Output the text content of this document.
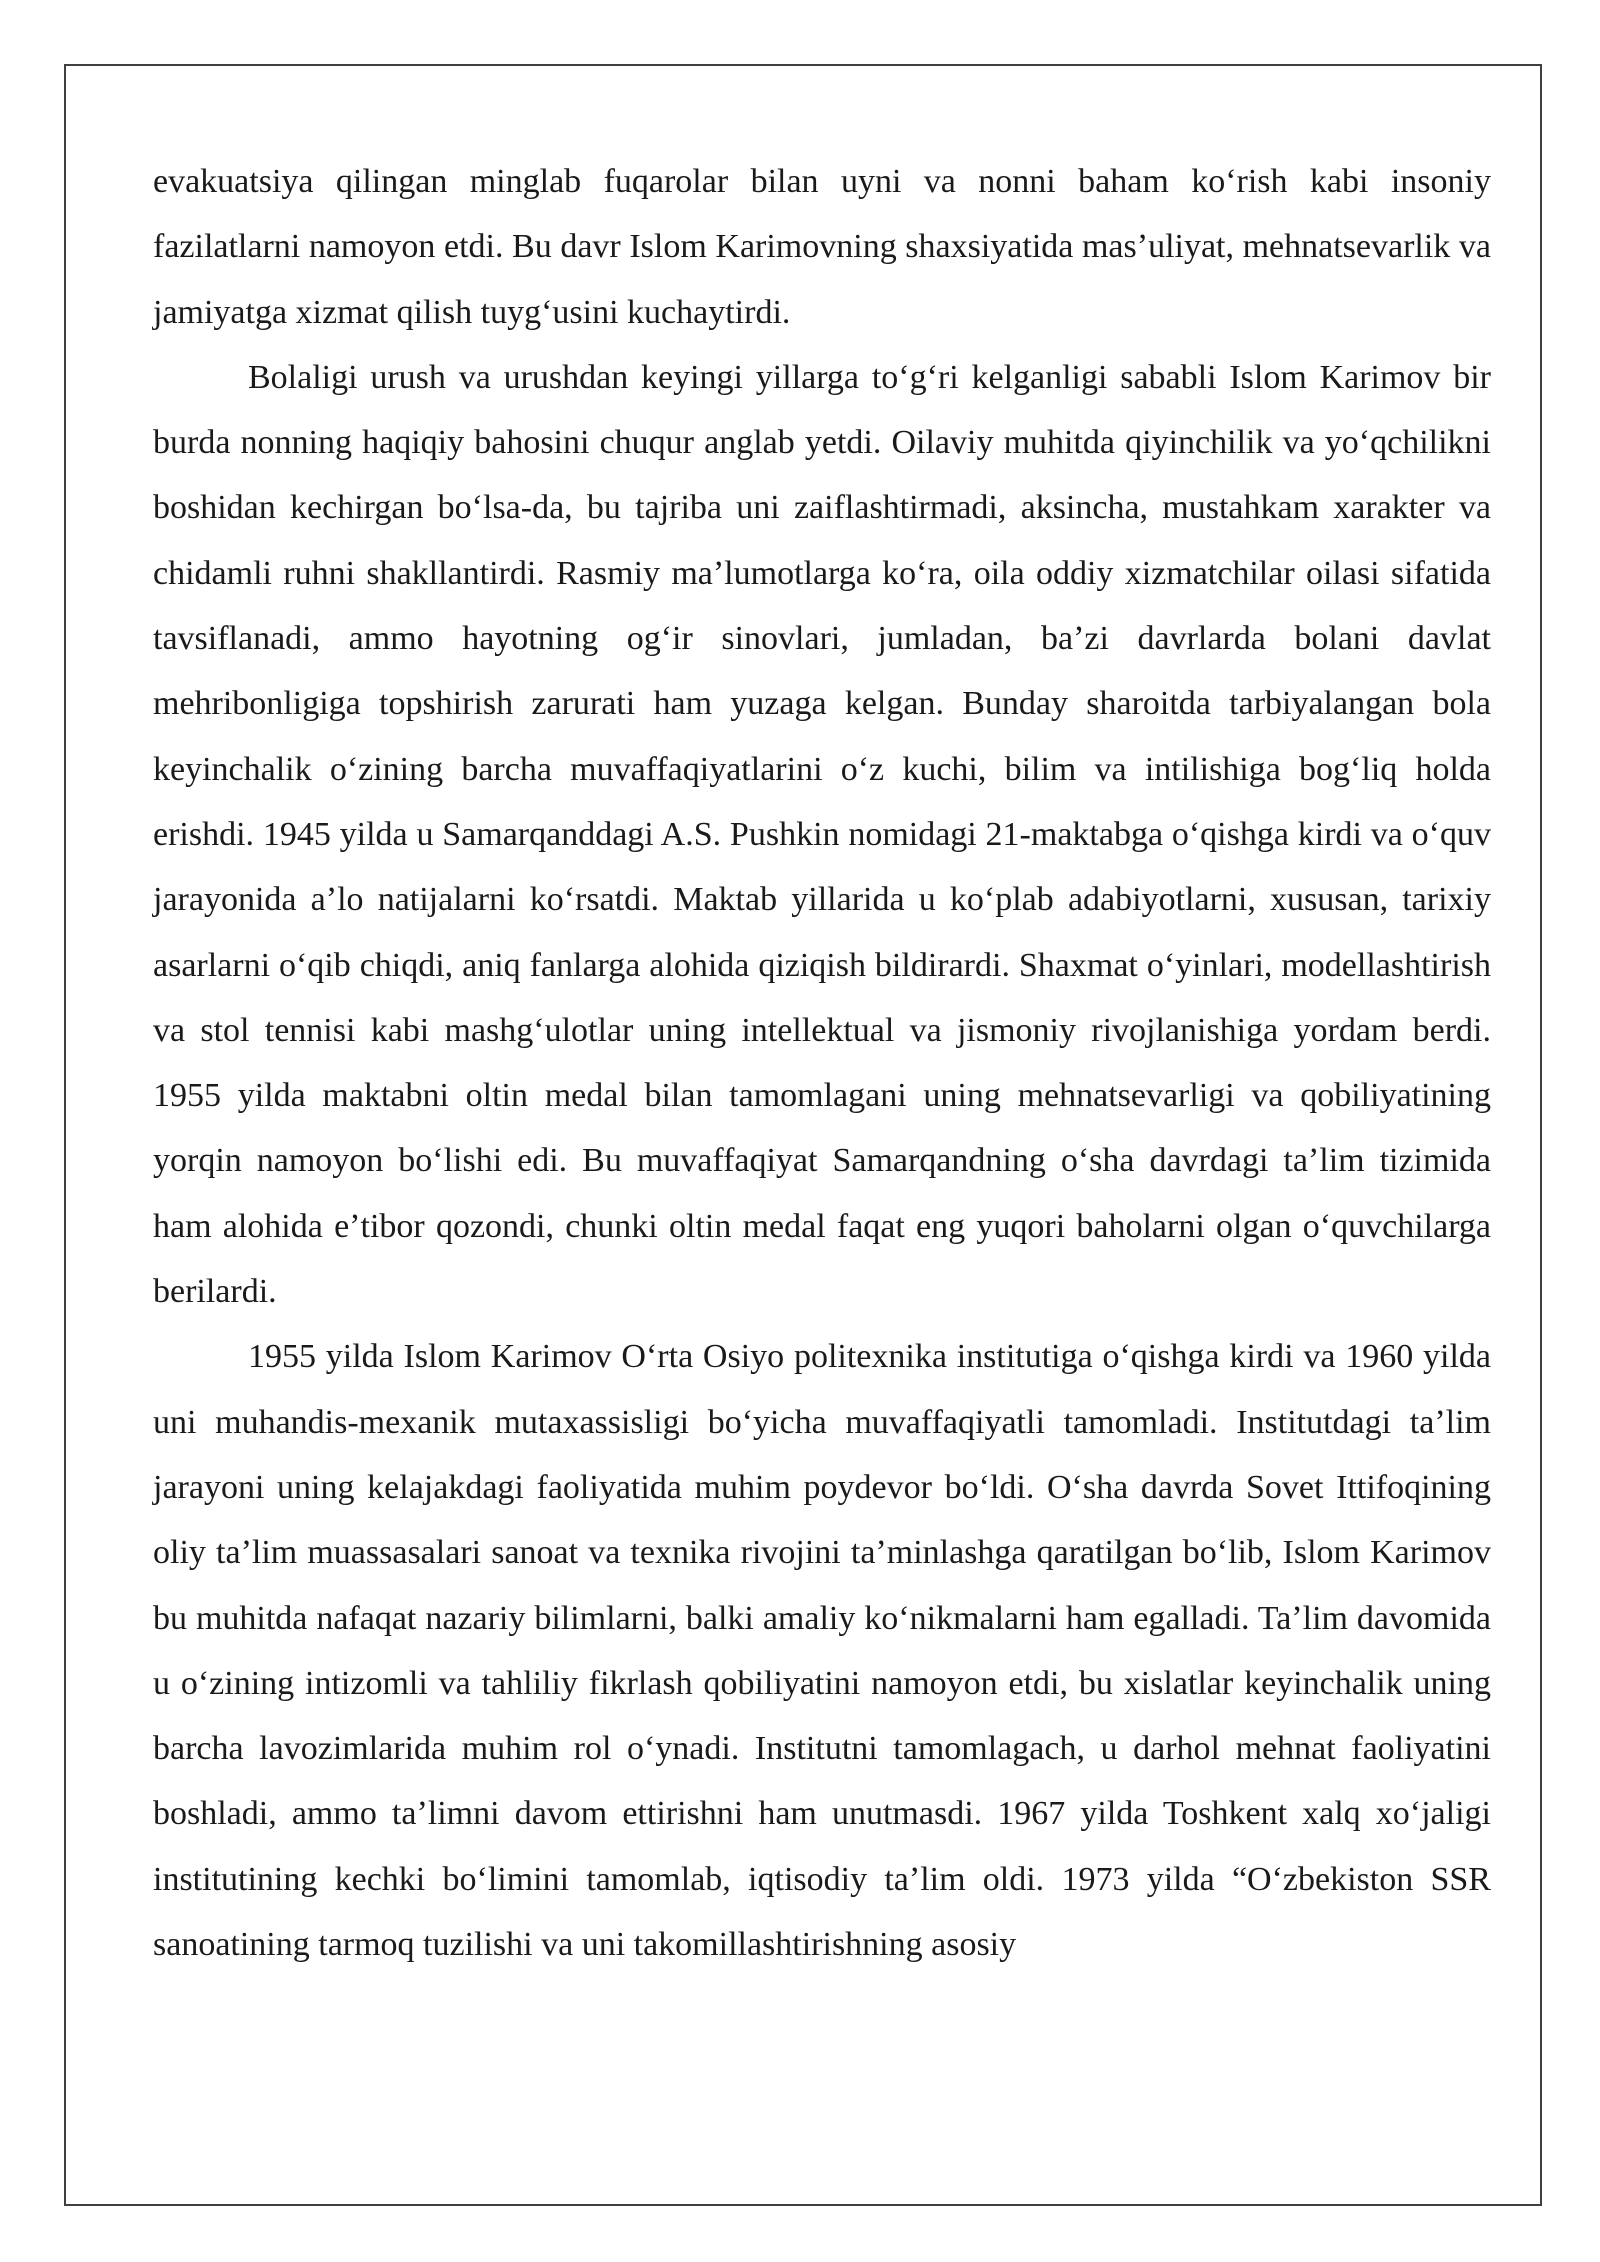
evakuatsiya qilingan minglab fuqarolar bilan uyni va nonni baham koʻrish kabi insoniy fazilatlarni namoyon etdi. Bu davr Islom Karimovning shaxsiyatida masʼuliyat, mehnatsevarlik va jamiyatga xizmat qilish tuygʻusini kuchaytirdi.

Bolaligi urush va urushdan keyingi yillarga toʻgʻri kelganligi sababli Islom Karimov bir burda nonning haqiqiy bahosini chuqur anglab yetdi. Oilaviy muhitda qiyinchilik va yoʻqchilikni boshidan kechirgan boʻlsa-da, bu tajriba uni zaiflashtirmadi, aksincha, mustahkam xarakter va chidamli ruhni shakllantirdi. Rasmiy maʼlumotlarga koʻra, oila oddiy xizmatchilar oilasi sifatida tavsiflanadi, ammo hayotning ogʻir sinovlari, jumladan, baʼzi davrlarda bolani davlat mehribonligiga topshirish zarurati ham yuzaga kelgan. Bunday sharoitda tarbiyalangan bola keyinchalik oʻzining barcha muvaffaqiyatlarini oʻz kuchi, bilim va intilishiga bogʻliq holda erishdi. 1945 yilda u Samarqanddagi A.S. Pushkin nomidagi 21-maktabga oʻqishga kirdi va oʻquv jarayonida aʼlo natijalarni koʻrsatdi. Maktab yillarida u koʻplab adabiyotlarni, xususan, tarixiy asarlarni oʻqib chiqdi, aniq fanlarga alohida qiziqish bildirardi. Shaxmat oʻyinlari, modellashtirish va stol tennisi kabi mashgʻulotlar uning intellektual va jismoniy rivojlanishiga yordam berdi. 1955 yilda maktabni oltin medal bilan tamomlagani uning mehnatsevarligi va qobiliyatining yorqin namoyon boʻlishi edi. Bu muvaffaqiyat Samarqandning oʻsha davrdagi taʼlim tizimida ham alohida eʼtibor qozondi, chunki oltin medal faqat eng yuqori baholarni olgan oʻquvchilarga berilardi.

1955 yilda Islom Karimov Oʻrta Osiyo politexnika institutiga oʻqishga kirdi va 1960 yilda uni muhandis-mexanik mutaxassisligi boʻyicha muvaffaqiyatli tamomladi. Institutdagi taʼlim jarayoni uning kelajakdagi faoliyatida muhim poydevor boʻldi. Oʻsha davrda Sovet Ittifoqining oliy taʼlim muassasalari sanoat va texnika rivojini taʼminlashga qaratilgan boʻlib, Islom Karimov bu muhitda nafaqat nazariy bilimlarni, balki amaliy koʻnikmalarni ham egalladi. Taʼlim davomida u oʻzining intizomli va tahliliy fikrlash qobiliyatini namoyon etdi, bu xislatlar keyinchalik uning barcha lavozimlarida muhim rol oʻynadi. Institutni tamomlagach, u darhol mehnat faoliyatini boshladi, ammo taʼlimni davom ettirishni ham unutmasdi. 1967 yilda Toshkent xalq xoʻjaligi institutining kechki boʻlimini tamomlab, iqtisodiy taʼlim oldi. 1973 yilda “Oʻzbekiston SSR sanoatining tarmoq tuzilishi va uni takomillashtirishning asosiy
